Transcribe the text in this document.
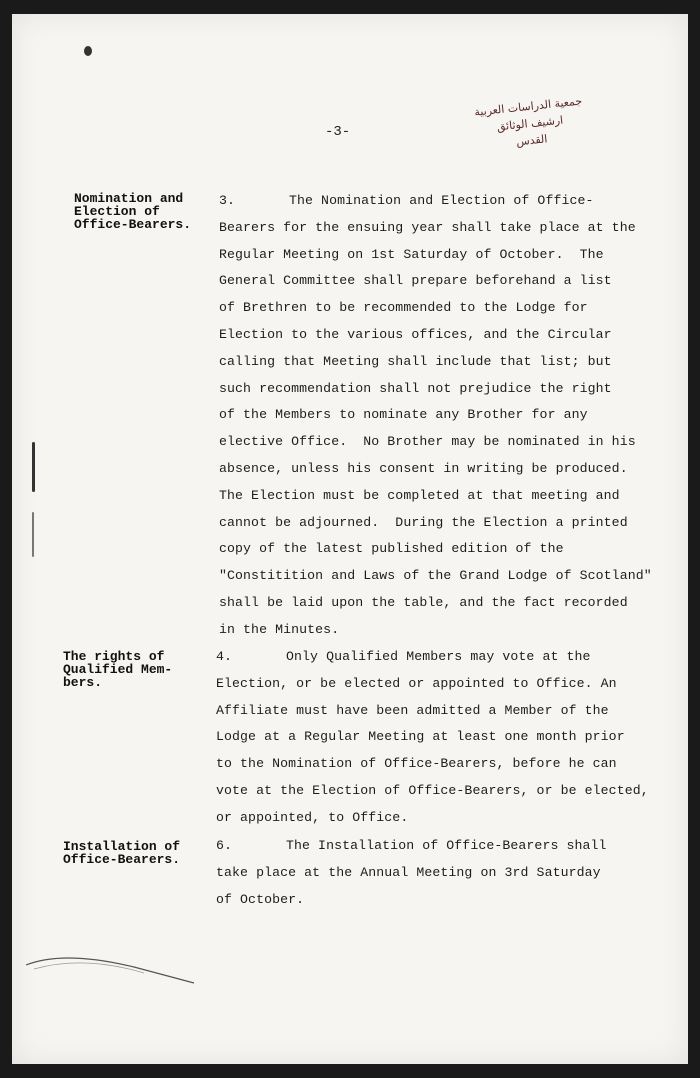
جمعية الدراسات العربية
ارشيف الوثائق
القدس
-3-
Nomination and
Election of
Office-Bearers.
3.	The Nomination and Election of Office-
Bearers for the ensuing year shall take place at the
Regular Meeting on 1st Saturday of October.  The
General Committee shall prepare beforehand a list
of Brethren to be recommended to the Lodge for
Election to the various offices, and the Circular
calling that Meeting shall include that list; but
such recommendation shall not prejudice the right
of the Members to nominate any Brother for any
elective Office.  No Brother may be nominated in his
absence, unless his consent in writing be produced.
The Election must be completed at that meeting and
cannot be adjourned.  During the Election a printed
copy of the latest published edition of the
"Constitition and Laws of the Grand Lodge of Scotland"
shall be laid upon the table, and the fact recorded
in the Minutes.
The rights of
Qualified Mem-
bers.
4.	Only Qualified Members may vote at the
Election, or be elected or appointed to Office. An
Affiliate must have been admitted a Member of the
Lodge at a Regular Meeting at least one month prior
to the Nomination of Office-Bearers, before he can
vote at the Election of Office-Bearers, or be elected,
or appointed, to Office.
Installation of
Office-Bearers.
6.	The Installation of Office-Bearers shall
take place at the Annual Meeting on 3rd Saturday
of October.
